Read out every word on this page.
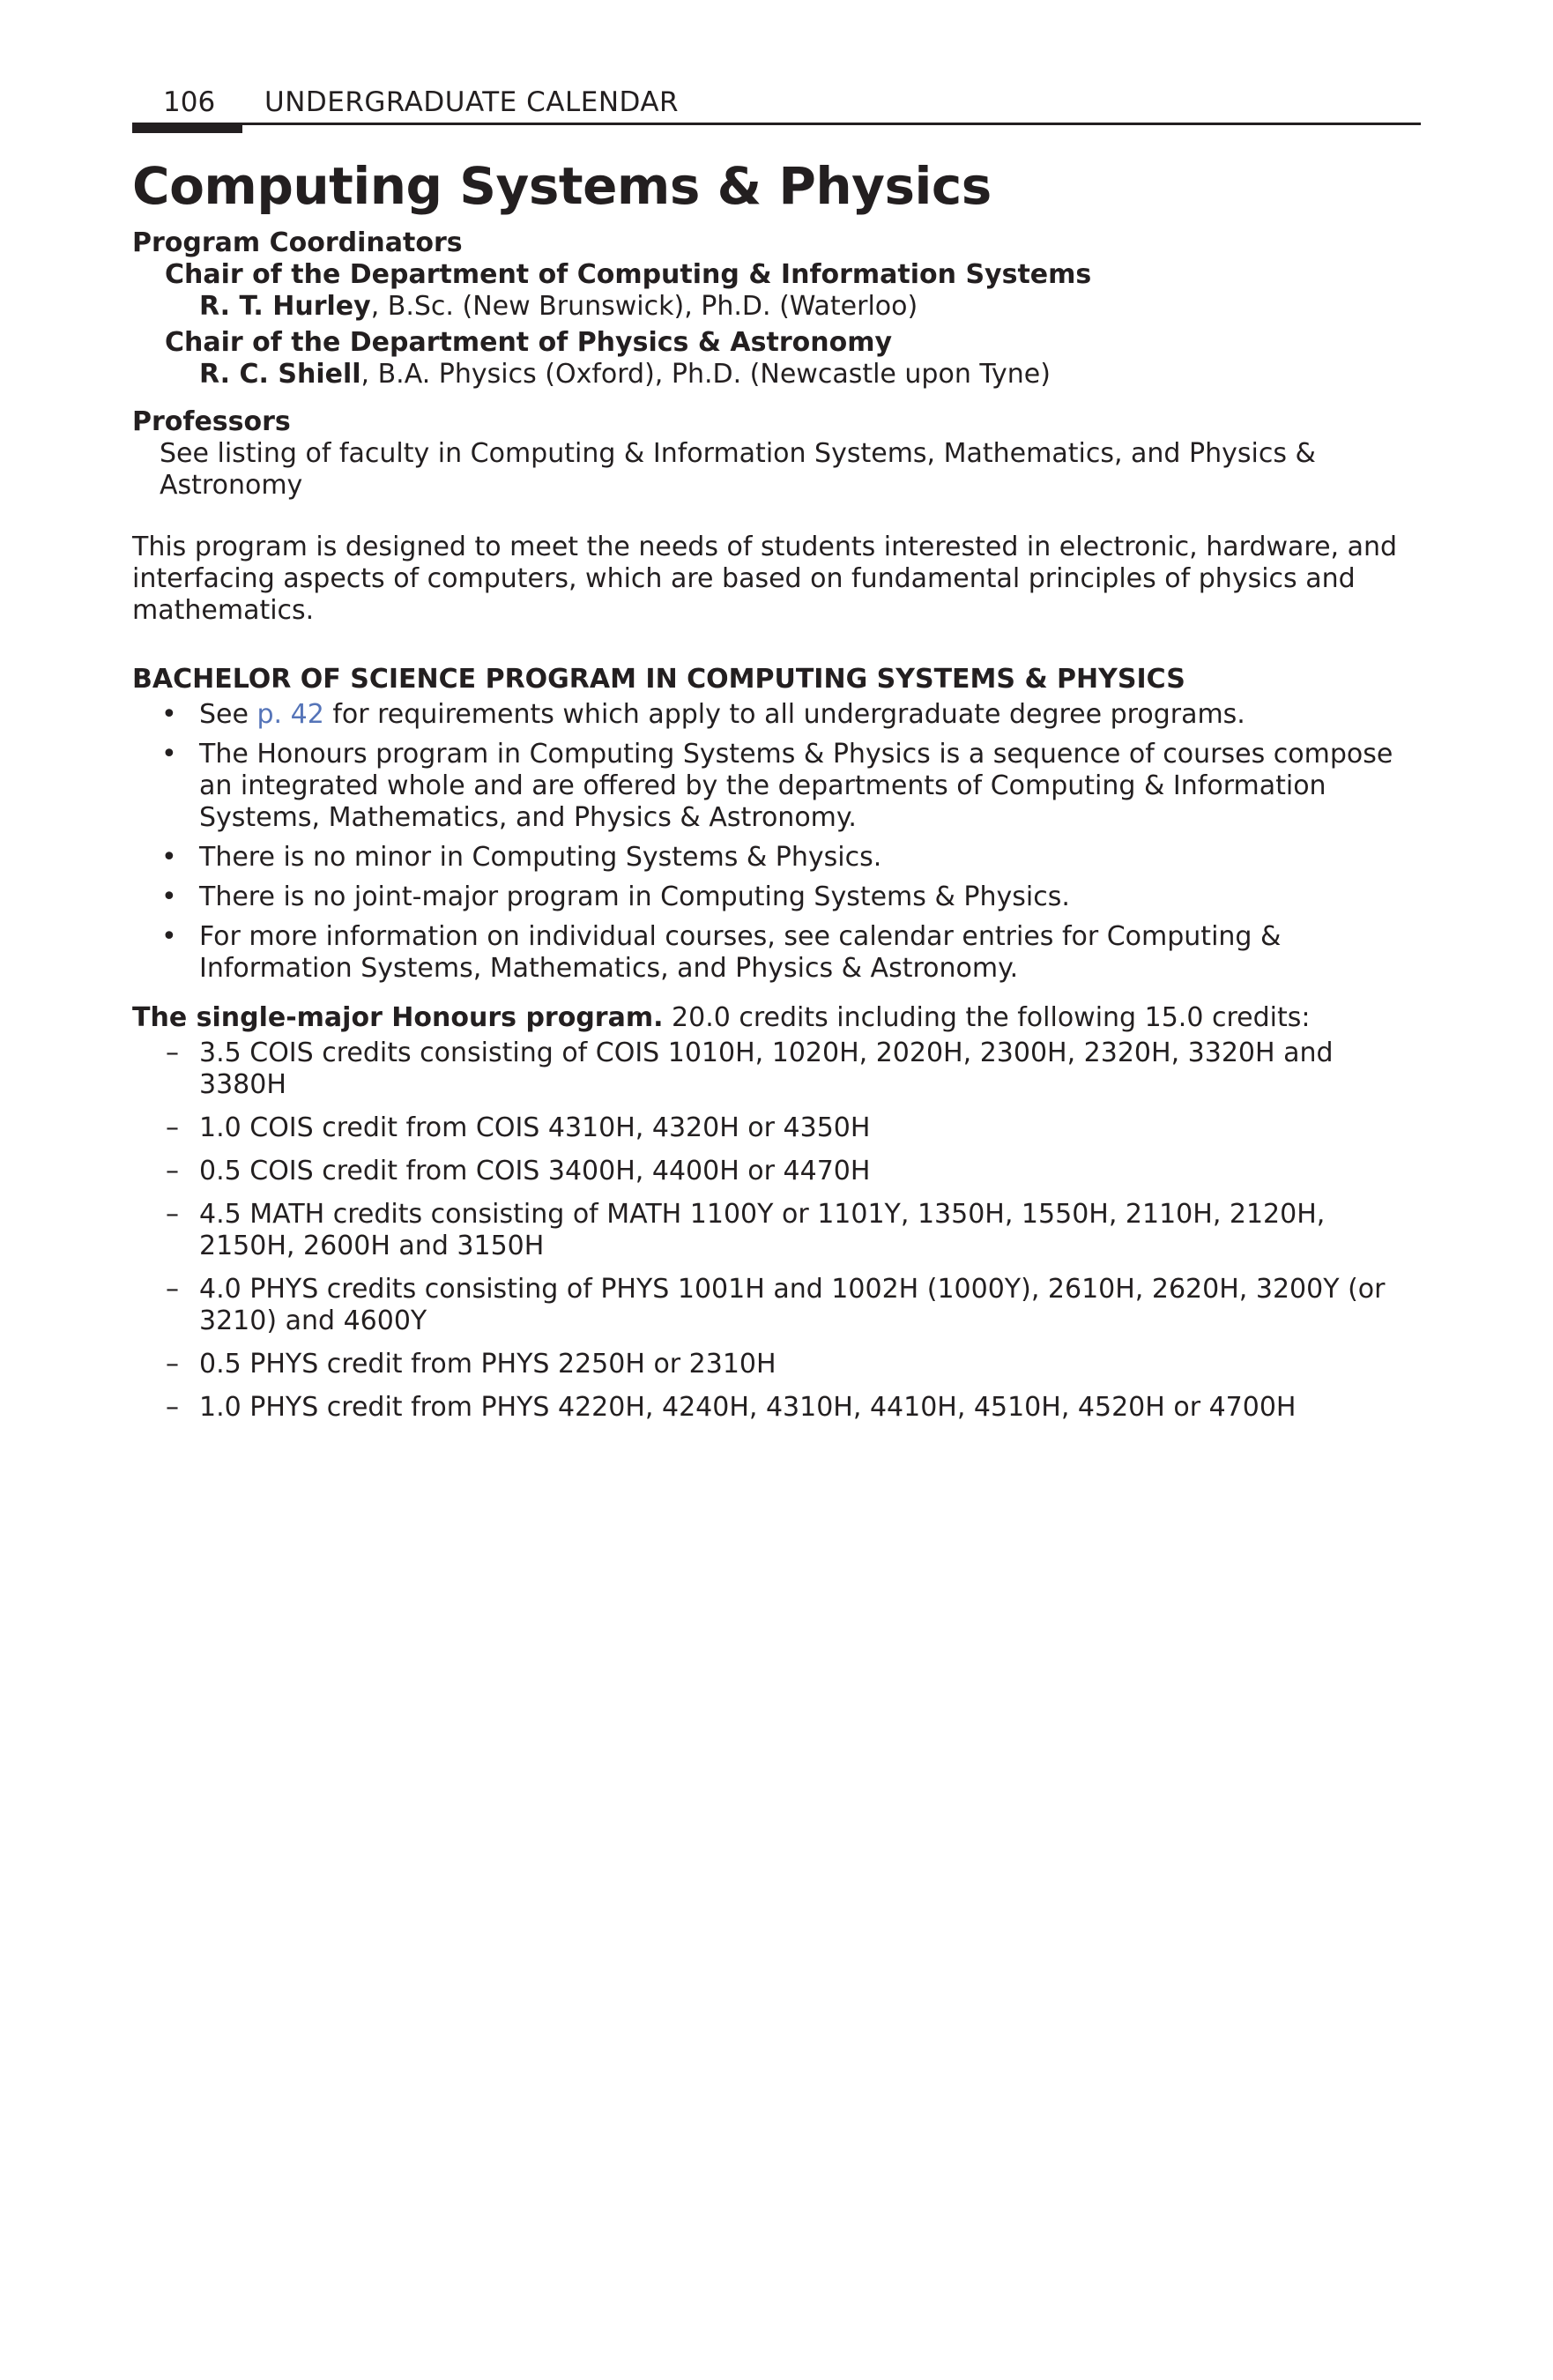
106 UNDERGRADUATE CALENDAR
Computing Systems & Physics
Program Coordinators
Chair of the Department of Computing & Information Systems
R. T. Hurley, B.Sc. (New Brunswick), Ph.D. (Waterloo)
Chair of the Department of Physics & Astronomy
R. C. Shiell, B.A. Physics (Oxford), Ph.D. (Newcastle upon Tyne)
Professors
See listing of faculty in Computing & Information Systems, Mathematics, and Physics & Astronomy
This program is designed to meet the needs of students interested in electronic, hardware, and interfacing aspects of computers, which are based on fundamental principles of physics and mathematics.
BACHELOR OF SCIENCE PROGRAM IN COMPUTING SYSTEMS & PHYSICS
• See p. 42 for requirements which apply to all undergraduate degree programs.
• The Honours program in Computing Systems & Physics is a sequence of courses compose an integrated whole and are offered by the departments of Computing & Information Systems, Mathematics, and Physics & Astronomy.
• There is no minor in Computing Systems & Physics.
• There is no joint-major program in Computing Systems & Physics.
• For more information on individual courses, see calendar entries for Computing & Information Systems, Mathematics, and Physics & Astronomy.
The single-major Honours program. 20.0 credits including the following 15.0 credits:
– 3.5 COIS credits consisting of COIS 1010H, 1020H, 2020H, 2300H, 2320H, 3320H and 3380H
– 1.0 COIS credit from COIS 4310H, 4320H or 4350H
– 0.5 COIS credit from COIS 3400H, 4400H or 4470H
– 4.5 MATH credits consisting of MATH 1100Y or 1101Y, 1350H, 1550H, 2110H, 2120H, 2150H, 2600H and 3150H
– 4.0 PHYS credits consisting of PHYS 1001H and 1002H (1000Y), 2610H, 2620H, 3200Y (or 3210) and 4600Y
– 0.5 PHYS credit from PHYS 2250H or 2310H
– 1.0 PHYS credit from PHYS 4220H, 4240H, 4310H, 4410H, 4510H, 4520H or 4700H
